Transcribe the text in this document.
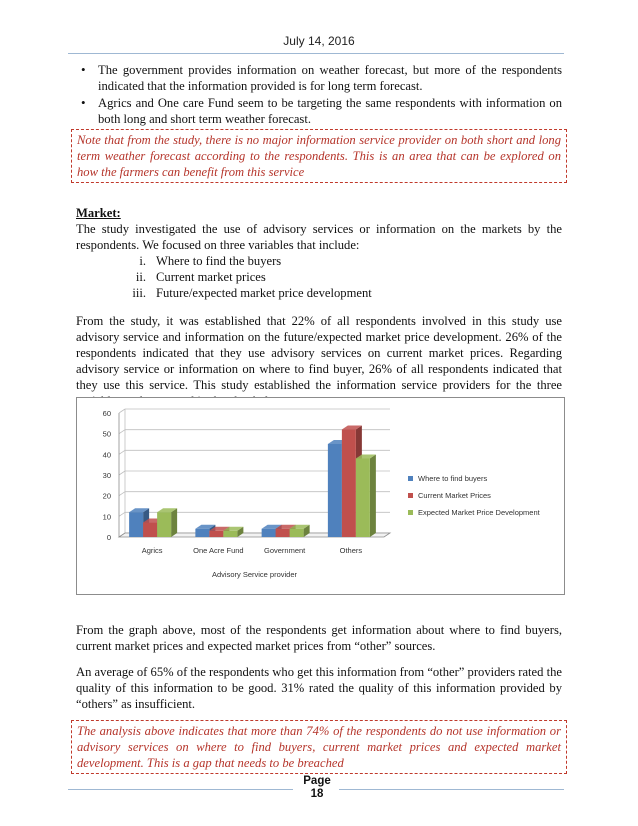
July 14, 2016
• The government provides information on weather forecast, but more of the respondents indicated that the information provided is for long term forecast.
• Agrics and One care Fund seem to be targeting the same respondents with information on both long and short term weather forecast.
Note that from the study, there is no major information service provider on both short and long term weather forecast according to the respondents. This is an area that can be explored on how the farmers can benefit from this service
Market:

The study investigated the use of advisory services or information on the markets by the respondents. We focused on three variables that include:

i. Where to find the buyers
ii. Current market prices
iii. Future/expected market price development

From the study, it was established that 22% of all respondents involved in this study use advisory service and information on the future/expected market price development. 26% of the respondents indicated that they use advisory services on current market prices. Regarding advisory service or information on where to find buyer, 26% of all respondents indicated that they use this service. This study established the information service providers for the three

0
10
20
30
40
50
60
Agrics	One Acre Fund	Government	Others
Advisory Service provider
Where to find buyers
Current Market Prices
Expected Market Price Development

From the graph above, most of the respondents get information about where to find buyers, current market prices and expected market prices from “other” sources.

An average of 65% of the respondents who get this information from “other” providers rated the quality of this information to be good. 31% rated the quality of this information provided by “others” as insufficient.

The analysis above indicates that more than 74% of the respondents do not use information or advisory services on where to find buyers, current market prices and expected market development. This is a gap that needs to be breached
Page
18
